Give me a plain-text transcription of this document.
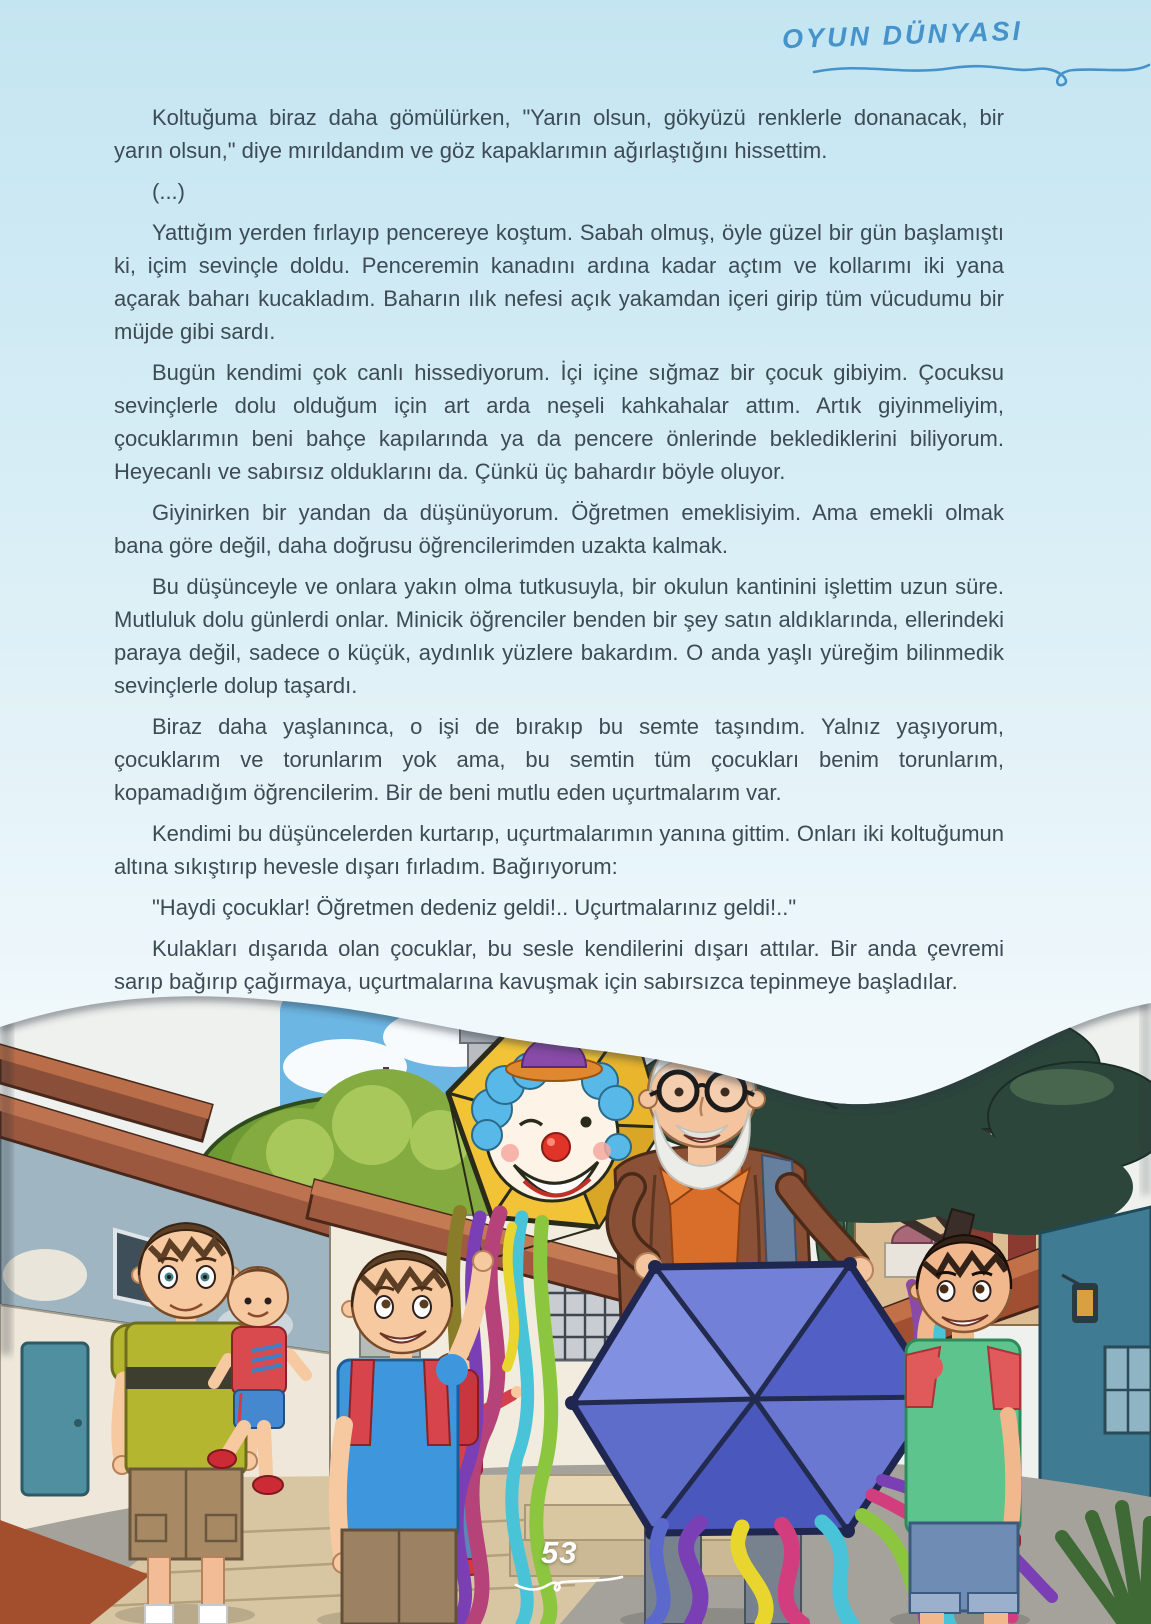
OYUN DÜNYASI

Koltuğuma biraz daha gömülürken, "Yarın olsun, gökyüzü renklerle donanacak, bir yarın olsun," diye mırıldandım ve göz kapaklarımın ağırlaştığını hissettim.

(...)

Yattığım yerden fırlayıp pencereye koştum. Sabah olmuş, öyle güzel bir gün başlamıştı ki, içim sevinçle doldu. Penceremin kanadını ardına kadar açtım ve kollarımı iki yana açarak baharı kucakladım. Baharın ılık nefesi açık yakamdan içeri girip tüm vücudumu bir müjde gibi sardı.

Bugün kendimi çok canlı hissediyorum. İçi içine sığmaz bir çocuk gibiyim. Çocuksu sevinçlerle dolu olduğum için art arda neşeli kahkahalar attım. Artık giyinmeliyim, çocuklarımın beni bahçe kapılarında ya da pencere önlerinde beklediklerini biliyorum. Heyecanlı ve sabırsız olduklarını da. Çünkü üç bahardır böyle oluyor.

Giyinirken bir yandan da düşünüyorum. Öğretmen emeklisiyim. Ama emekli olmak bana göre değil, daha doğrusu öğrencilerimden uzakta kalmak.

Bu düşünceyle ve onlara yakın olma tutkusuyla, bir okulun kantinini işlettim uzun süre. Mutluluk dolu günlerdi onlar. Minicik öğrenciler benden bir şey satın aldıklarında, ellerindeki paraya değil, sadece o küçük, aydınlık yüzlere bakardım. O anda yaşlı yüreğim bilinmedik sevinçlerle dolup taşardı.

Biraz daha yaşlanınca, o işi de bırakıp bu semte taşındım. Yalnız yaşıyorum, çocuklarım ve torunlarım yok ama, bu semtin tüm çocukları benim torunlarım, kopamadığım öğrencilerim. Bir de beni mutlu eden uçurtmalarım var.

Kendimi bu düşüncelerden kurtarıp, uçurtmalarımın yanına gittim. Onları iki koltuğumun altına sıkıştırıp hevesle dışarı fırladım. Bağırıyorum:

"Haydi çocuklar! Öğretmen dedeniz geldi!.. Uçurtmalarınız geldi!.."

Kulakları dışarıda olan çocuklar, bu sesle kendilerini dışarı attılar. Bir anda çevremi sarıp bağırıp çağırmaya, uçurtmalarına kavuşmak için sabırsızca tepinmeye başladılar.

53
